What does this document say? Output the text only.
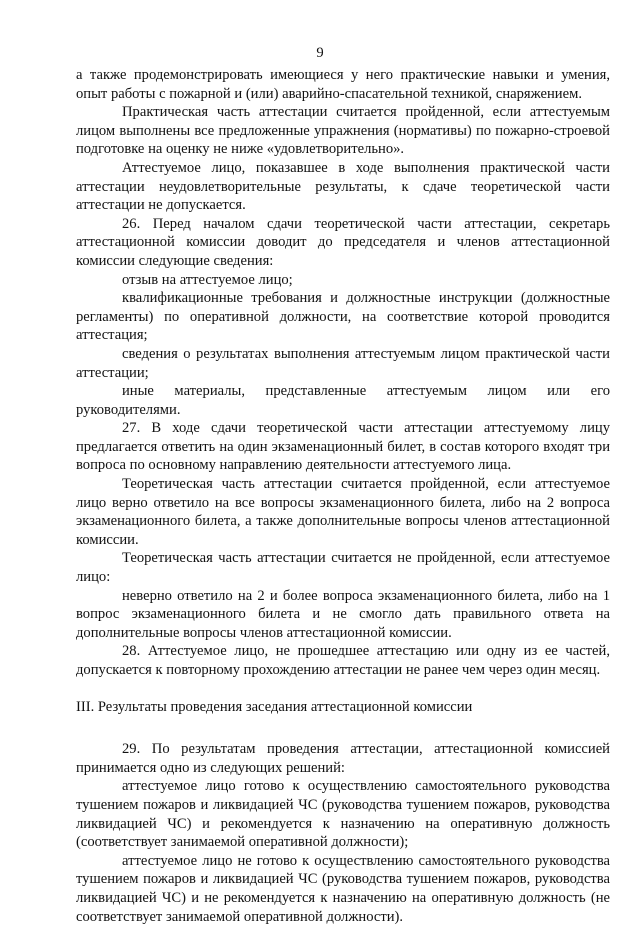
9

а также продемонстрировать имеющиеся у него практические навыки и умения, опыт работы с пожарной и (или) аварийно-спасательной техникой, снаряжением.

Практическая часть аттестации считается пройденной, если аттестуемым лицом выполнены все предложенные упражнения (нормативы) по пожарно-строевой подготовке на оценку не ниже «удовлетворительно».

Аттестуемое лицо, показавшее в ходе выполнения практической части аттестации неудовлетворительные результаты, к сдаче теоретической части аттестации не допускается.

26. Перед началом сдачи теоретической части аттестации, секретарь аттестационной комиссии доводит до председателя и членов аттестационной комиссии следующие сведения:

отзыв на аттестуемое лицо;

квалификационные требования и должностные инструкции (должностные регламенты) по оперативной должности, на соответствие которой проводится аттестация;

сведения о результатах выполнения аттестуемым лицом практической части аттестации;

иные материалы, представленные аттестуемым лицом или его руководителями.

27. В ходе сдачи теоретической части аттестации аттестуемому лицу предлагается ответить на один экзаменационный билет, в состав которого входят три вопроса по основному направлению деятельности аттестуемого лица.

Теоретическая часть аттестации считается пройденной, если аттестуемое лицо верно ответило на все вопросы экзаменационного билета, либо на 2 вопроса экзаменационного билета, а также дополнительные вопросы членов аттестационной комиссии.

Теоретическая часть аттестации считается не пройденной, если аттестуемое лицо:

неверно ответило на 2 и более вопроса экзаменационного билета, либо на 1 вопрос экзаменационного билета и не смогло дать правильного ответа на дополнительные вопросы членов аттестационной комиссии.

28. Аттестуемое лицо, не прошедшее аттестацию или одну из ее частей, допускается к повторному прохождению аттестации не ранее чем через один месяц.

III. Результаты проведения заседания аттестационной комиссии

29. По результатам проведения аттестации, аттестационной комиссией принимается одно из следующих решений:

аттестуемое лицо готово к осуществлению самостоятельного руководства тушением пожаров и ликвидацией ЧС (руководства тушением пожаров, руководства ликвидацией ЧС) и рекомендуется к назначению на оперативную должность (соответствует занимаемой оперативной должности);

аттестуемое лицо не готово к осуществлению самостоятельного руководства тушением пожаров и ликвидацией ЧС (руководства тушением пожаров, руководства ликвидацией ЧС) и не рекомендуется к назначению на оперативную должность (не соответствует занимаемой оперативной должности).
